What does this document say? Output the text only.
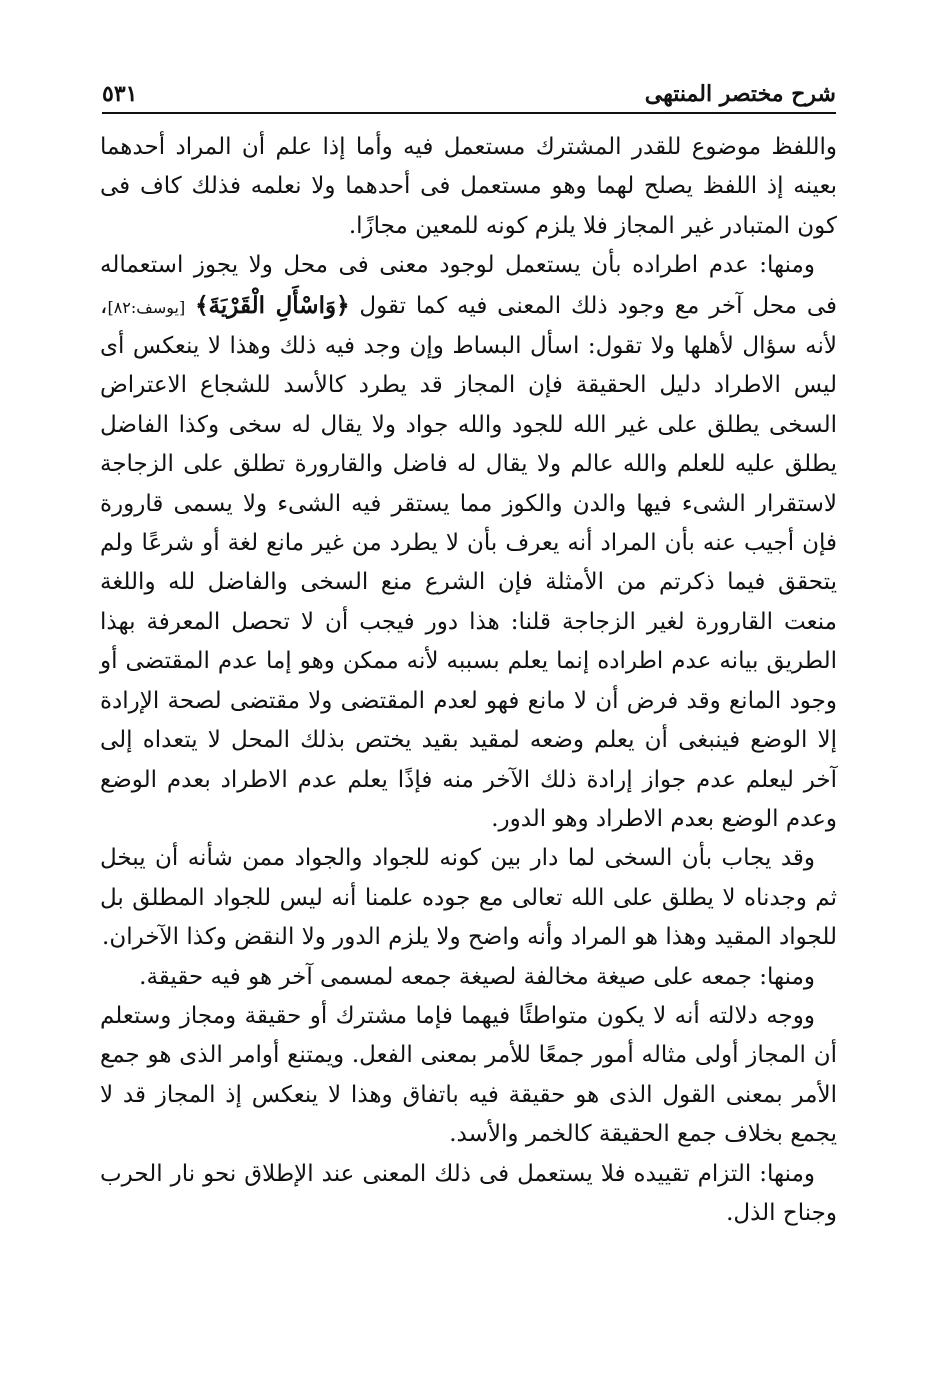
شرح مختصر المنتهى
٥٣١

واللفظ موضوع للقدر المشترك مستعمل فيه وأما إذا علم أن المراد أحدهما بعينه إذ اللفظ يصلح لهما وهو مستعمل فى أحدهما ولا نعلمه فذلك كاف فى كون المتبادر غير المجاز فلا يلزم كونه للمعين مجازًا.

ومنها: عدم اطراده بأن يستعمل لوجود معنى فى محل ولا يجوز استعماله فى محل آخر مع وجود ذلك المعنى فيه كما تقول ﴿وَاسْأَلِ الْقَرْيَةَ﴾ [يوسف:٨٢]، لأنه سؤال لأهلها ولا تقول: اسأل البساط وإن وجد فيه ذلك وهذا لا ينعكس أى ليس الاطراد دليل الحقيقة فإن المجاز قد يطرد كالأسد للشجاع الاعتراض السخى يطلق على غير الله للجود والله جواد ولا يقال له سخى وكذا الفاضل يطلق عليه للعلم والله عالم ولا يقال له فاضل والقارورة تطلق على الزجاجة لاستقرار الشىء فيها والدن والكوز مما يستقر فيه الشىء ولا يسمى قارورة فإن أجيب عنه بأن المراد أنه يعرف بأن لا يطرد من غير مانع لغة أو شرعًا ولم يتحقق فيما ذكرتم من الأمثلة فإن الشرع منع السخى والفاضل لله واللغة منعت القارورة لغير الزجاجة قلنا: هذا دور فيجب أن لا تحصل المعرفة بهذا الطريق بيانه عدم اطراده إنما يعلم بسببه لأنه ممكن وهو إما عدم المقتضى أو وجود المانع وقد فرض أن لا مانع فهو لعدم المقتضى ولا مقتضى لصحة الإرادة إلا الوضع فينبغى أن يعلم وضعه لمقيد بقيد يختص بذلك المحل لا يتعداه إلى آخر ليعلم عدم جواز إرادة ذلك الآخر منه فإذًا يعلم عدم الاطراد بعدم الوضع وعدم الوضع بعدم الاطراد وهو الدور.

وقد يجاب بأن السخى لما دار بين كونه للجواد والجواد ممن شأنه أن يبخل ثم وجدناه لا يطلق على الله تعالى مع جوده علمنا أنه ليس للجواد المطلق بل للجواد المقيد وهذا هو المراد وأنه واضح ولا يلزم الدور ولا النقض وكذا الآخران.

ومنها: جمعه على صيغة مخالفة لصيغة جمعه لمسمى آخر هو فيه حقيقة.

ووجه دلالته أنه لا يكون متواطئًا فيهما فإما مشترك أو حقيقة ومجاز وستعلم أن المجاز أولى مثاله أمور جمعًا للأمر بمعنى الفعل. ويمتنع أوامر الذى هو جمع الأمر بمعنى القول الذى هو حقيقة فيه باتفاق وهذا لا ينعكس إذ المجاز قد لا يجمع بخلاف جمع الحقيقة كالخمر والأسد.

ومنها: التزام تقييده فلا يستعمل فى ذلك المعنى عند الإطلاق نحو نار الحرب وجناح الذل.
